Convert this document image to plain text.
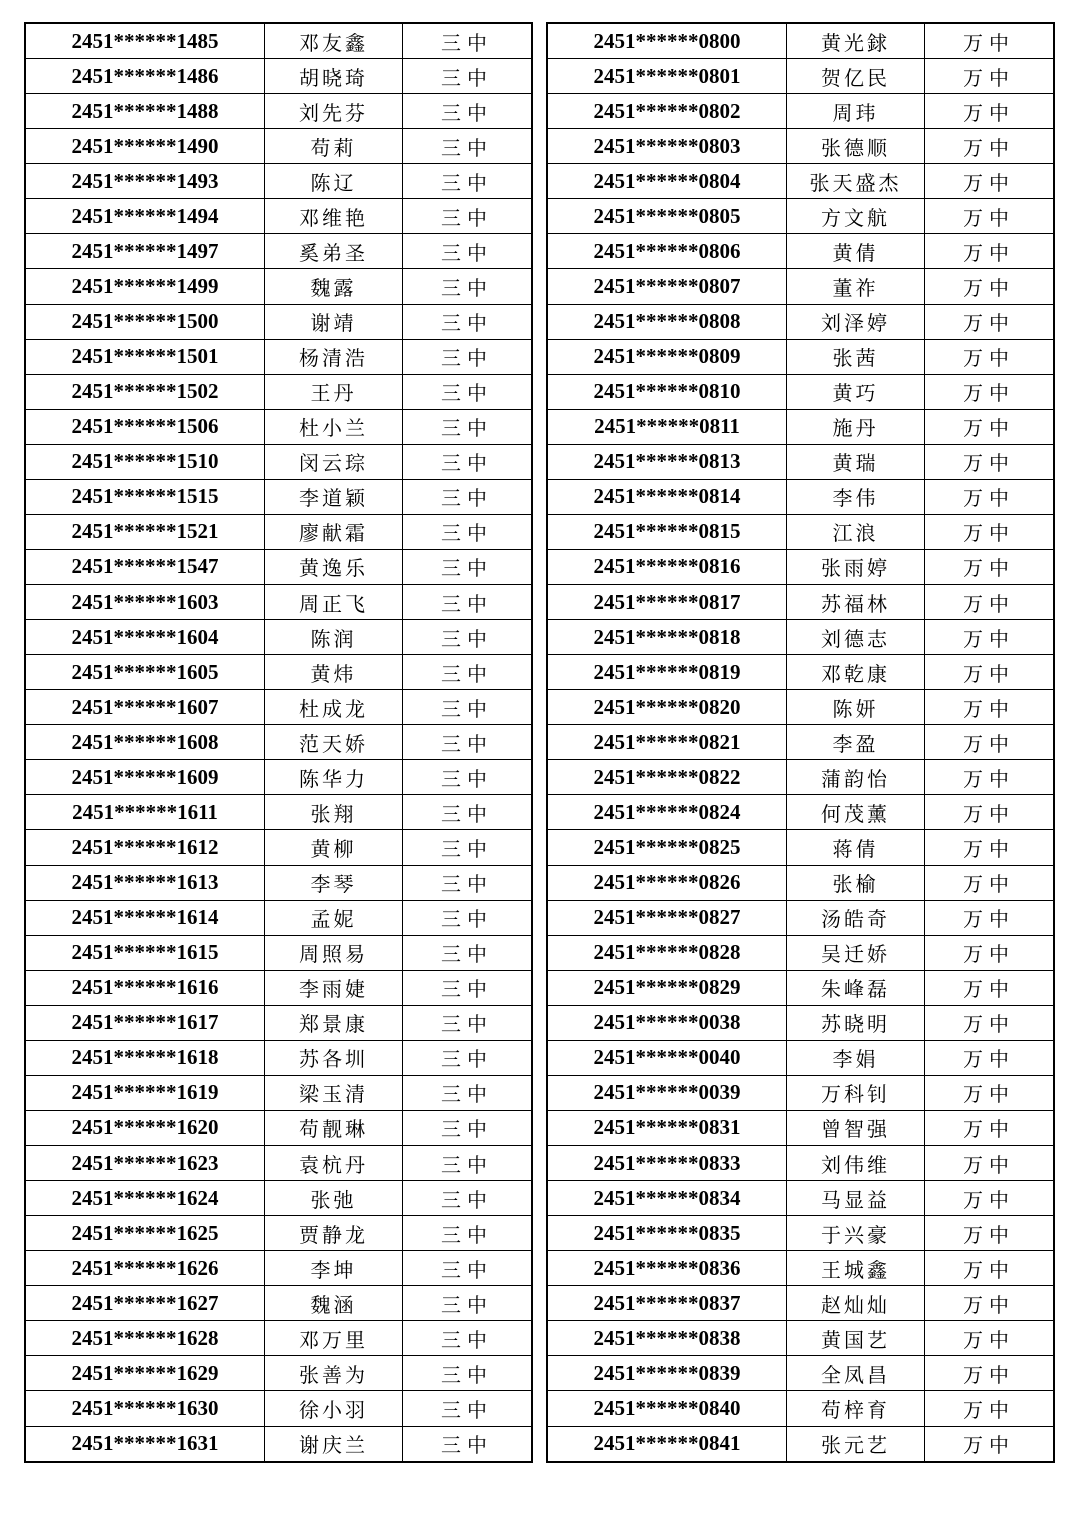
2451******1485	邓友鑫	三中
2451******1486	胡晓琦	三中
2451******1488	刘先芬	三中
2451******1490	苟莉	三中
2451******1493	陈辽	三中
2451******1494	邓维艳	三中
2451******1497	奚弟圣	三中
2451******1499	魏露	三中
2451******1500	谢靖	三中
2451******1501	杨清浩	三中
2451******1502	王丹	三中
2451******1506	杜小兰	三中
2451******1510	闵云琮	三中
2451******1515	李道颖	三中
2451******1521	廖献霜	三中
2451******1547	黄逸乐	三中
2451******1603	周正飞	三中
2451******1604	陈润	三中
2451******1605	黄炜	三中
2451******1607	杜成龙	三中
2451******1608	范天娇	三中
2451******1609	陈华力	三中
2451******1611	张翔	三中
2451******1612	黄柳	三中
2451******1613	李琴	三中
2451******1614	孟妮	三中
2451******1615	周照易	三中
2451******1616	李雨婕	三中
2451******1617	郑景康	三中
2451******1618	苏各圳	三中
2451******1619	梁玉清	三中
2451******1620	苟靓琳	三中
2451******1623	袁杭丹	三中
2451******1624	张弛	三中
2451******1625	贾静龙	三中
2451******1626	李坤	三中
2451******1627	魏涵	三中
2451******1628	邓万里	三中
2451******1629	张善为	三中
2451******1630	徐小羽	三中
2451******1631	谢庆兰	三中
2451******0800	黄光銶	万中
2451******0801	贺亿民	万中
2451******0802	周玮	万中
2451******0803	张德顺	万中
2451******0804	张天盛杰	万中
2451******0805	方文航	万中
2451******0806	黄倩	万中
2451******0807	董祚	万中
2451******0808	刘泽婷	万中
2451******0809	张茜	万中
2451******0810	黄巧	万中
2451******0811	施丹	万中
2451******0813	黄瑞	万中
2451******0814	李伟	万中
2451******0815	江浪	万中
2451******0816	张雨婷	万中
2451******0817	苏福林	万中
2451******0818	刘德志	万中
2451******0819	邓乾康	万中
2451******0820	陈妍	万中
2451******0821	李盈	万中
2451******0822	蒲韵怡	万中
2451******0824	何茂薰	万中
2451******0825	蒋倩	万中
2451******0826	张榆	万中
2451******0827	汤皓奇	万中
2451******0828	吴迁娇	万中
2451******0829	朱峰磊	万中
2451******0038	苏晓明	万中
2451******0040	李娟	万中
2451******0039	万科钊	万中
2451******0831	曾智强	万中
2451******0833	刘伟维	万中
2451******0834	马显益	万中
2451******0835	于兴豪	万中
2451******0836	王城鑫	万中
2451******0837	赵灿灿	万中
2451******0838	黄国艺	万中
2451******0839	全凤昌	万中
2451******0840	苟梓育	万中
2451******0841	张元艺	万中
